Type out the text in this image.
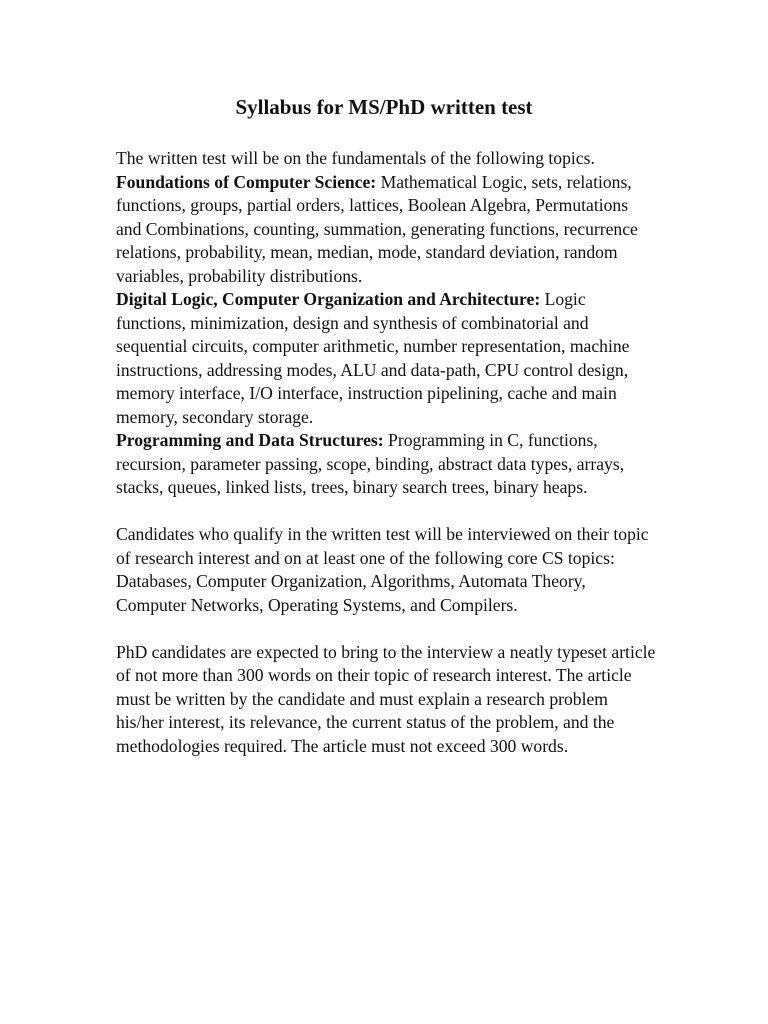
Syllabus for MS/PhD written test

The written test will be on the fundamentals of the following topics.

Foundations of Computer Science: Mathematical Logic, sets, relations, functions, groups, partial orders, lattices, Boolean Algebra, Permutations and Combinations, counting, summation, generating functions, recurrence relations, probability, mean, median, mode, standard deviation, random variables, probability distributions.

Digital Logic, Computer Organization and Architecture: Logic functions, minimization, design and synthesis of combinatorial and sequential circuits, computer arithmetic, number representation, machine instructions, addressing modes, ALU and data-path, CPU control design, memory interface, I/O interface, instruction pipelining, cache and main memory, secondary storage.

Programming and Data Structures: Programming in C, functions, recursion, parameter passing, scope, binding, abstract data types, arrays, stacks, queues, linked lists, trees, binary search trees, binary heaps.

Candidates who qualify in the written test will be interviewed on their topic of research interest and on at least one of the following core CS topics: Databases, Computer Organization, Algorithms, Automata Theory, Computer Networks, Operating Systems, and Compilers.

PhD candidates are expected to bring to the interview a neatly typeset article of not more than 300 words on their topic of research interest. The article must be written by the candidate and must explain a research problem his/her interest, its relevance, the current status of the problem, and the methodologies required. The article must not exceed 300 words.
